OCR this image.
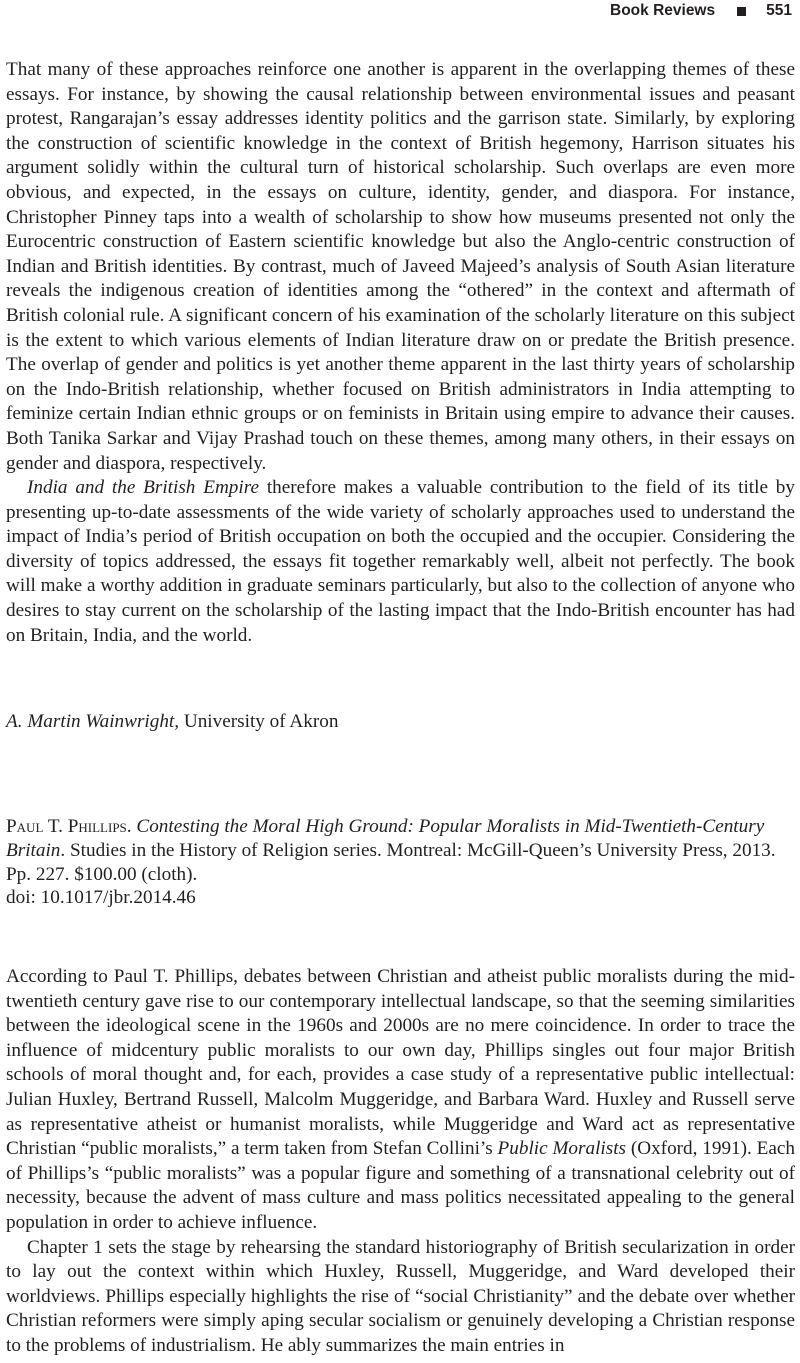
Book Reviews	551

That many of these approaches reinforce one another is apparent in the overlapping themes of these essays. For instance, by showing the causal relationship between environmental issues and peasant protest, Rangarajan’s essay addresses identity politics and the garrison state. Similarly, by exploring the construction of scientific knowledge in the context of British hegemony, Harrison situates his argument solidly within the cultural turn of historical scholarship. Such overlaps are even more obvious, and expected, in the essays on culture, identity, gender, and diaspora. For instance, Christopher Pinney taps into a wealth of scholarship to show how museums presented not only the Eurocentric construction of Eastern scientific knowledge but also the Anglo-centric construction of Indian and British identities. By contrast, much of Javeed Majeed’s analysis of South Asian literature reveals the indigenous creation of identities among the “othered” in the context and aftermath of British colonial rule. A significant concern of his examination of the scholarly literature on this subject is the extent to which various elements of Indian literature draw on or predate the British presence. The overlap of gender and politics is yet another theme apparent in the last thirty years of scholarship on the Indo-British relationship, whether focused on British administrators in India attempting to feminize certain Indian ethnic groups or on feminists in Britain using empire to advance their causes. Both Tanika Sarkar and Vijay Prashad touch on these themes, among many others, in their essays on gender and diaspora, respectively.

India and the British Empire therefore makes a valuable contribution to the field of its title by presenting up-to-date assessments of the wide variety of scholarly approaches used to understand the impact of India’s period of British occupation on both the occupied and the occupier. Considering the diversity of topics addressed, the essays fit together remarkably well, albeit not perfectly. The book will make a worthy addition in graduate seminars particularly, but also to the collection of anyone who desires to stay current on the scholarship of the lasting impact that the Indo-British encounter has had on Britain, India, and the world.

A. Martin Wainwright, University of Akron
Paul T. Phillips. Contesting the Moral High Ground: Popular Moralists in Mid-Twentieth-Century Britain. Studies in the History of Religion series. Montreal: McGill-Queen’s University Press, 2013. Pp. 227. $100.00 (cloth).
doi: 10.1017/jbr.2014.46

According to Paul T. Phillips, debates between Christian and atheist public moralists during the mid-twentieth century gave rise to our contemporary intellectual landscape, so that the seeming similarities between the ideological scene in the 1960s and 2000s are no mere coincidence. In order to trace the influence of midcentury public moralists to our own day, Phillips singles out four major British schools of moral thought and, for each, provides a case study of a representative public intellectual: Julian Huxley, Bertrand Russell, Malcolm Muggeridge, and Barbara Ward. Huxley and Russell serve as representative atheist or humanist moralists, while Muggeridge and Ward act as representative Christian “public moralists,” a term taken from Stefan Collini’s Public Moralists (Oxford, 1991). Each of Phillips’s “public moralists” was a popular figure and something of a transnational celebrity out of necessity, because the advent of mass culture and mass politics necessitated appealing to the general population in order to achieve influence.

Chapter 1 sets the stage by rehearsing the standard historiography of British secularization in order to lay out the context within which Huxley, Russell, Muggeridge, and Ward developed their worldviews. Phillips especially highlights the rise of “social Christianity” and the debate over whether Christian reformers were simply aping secular socialism or genuinely developing a Christian response to the problems of industrialism. He ably summarizes the main entries in
